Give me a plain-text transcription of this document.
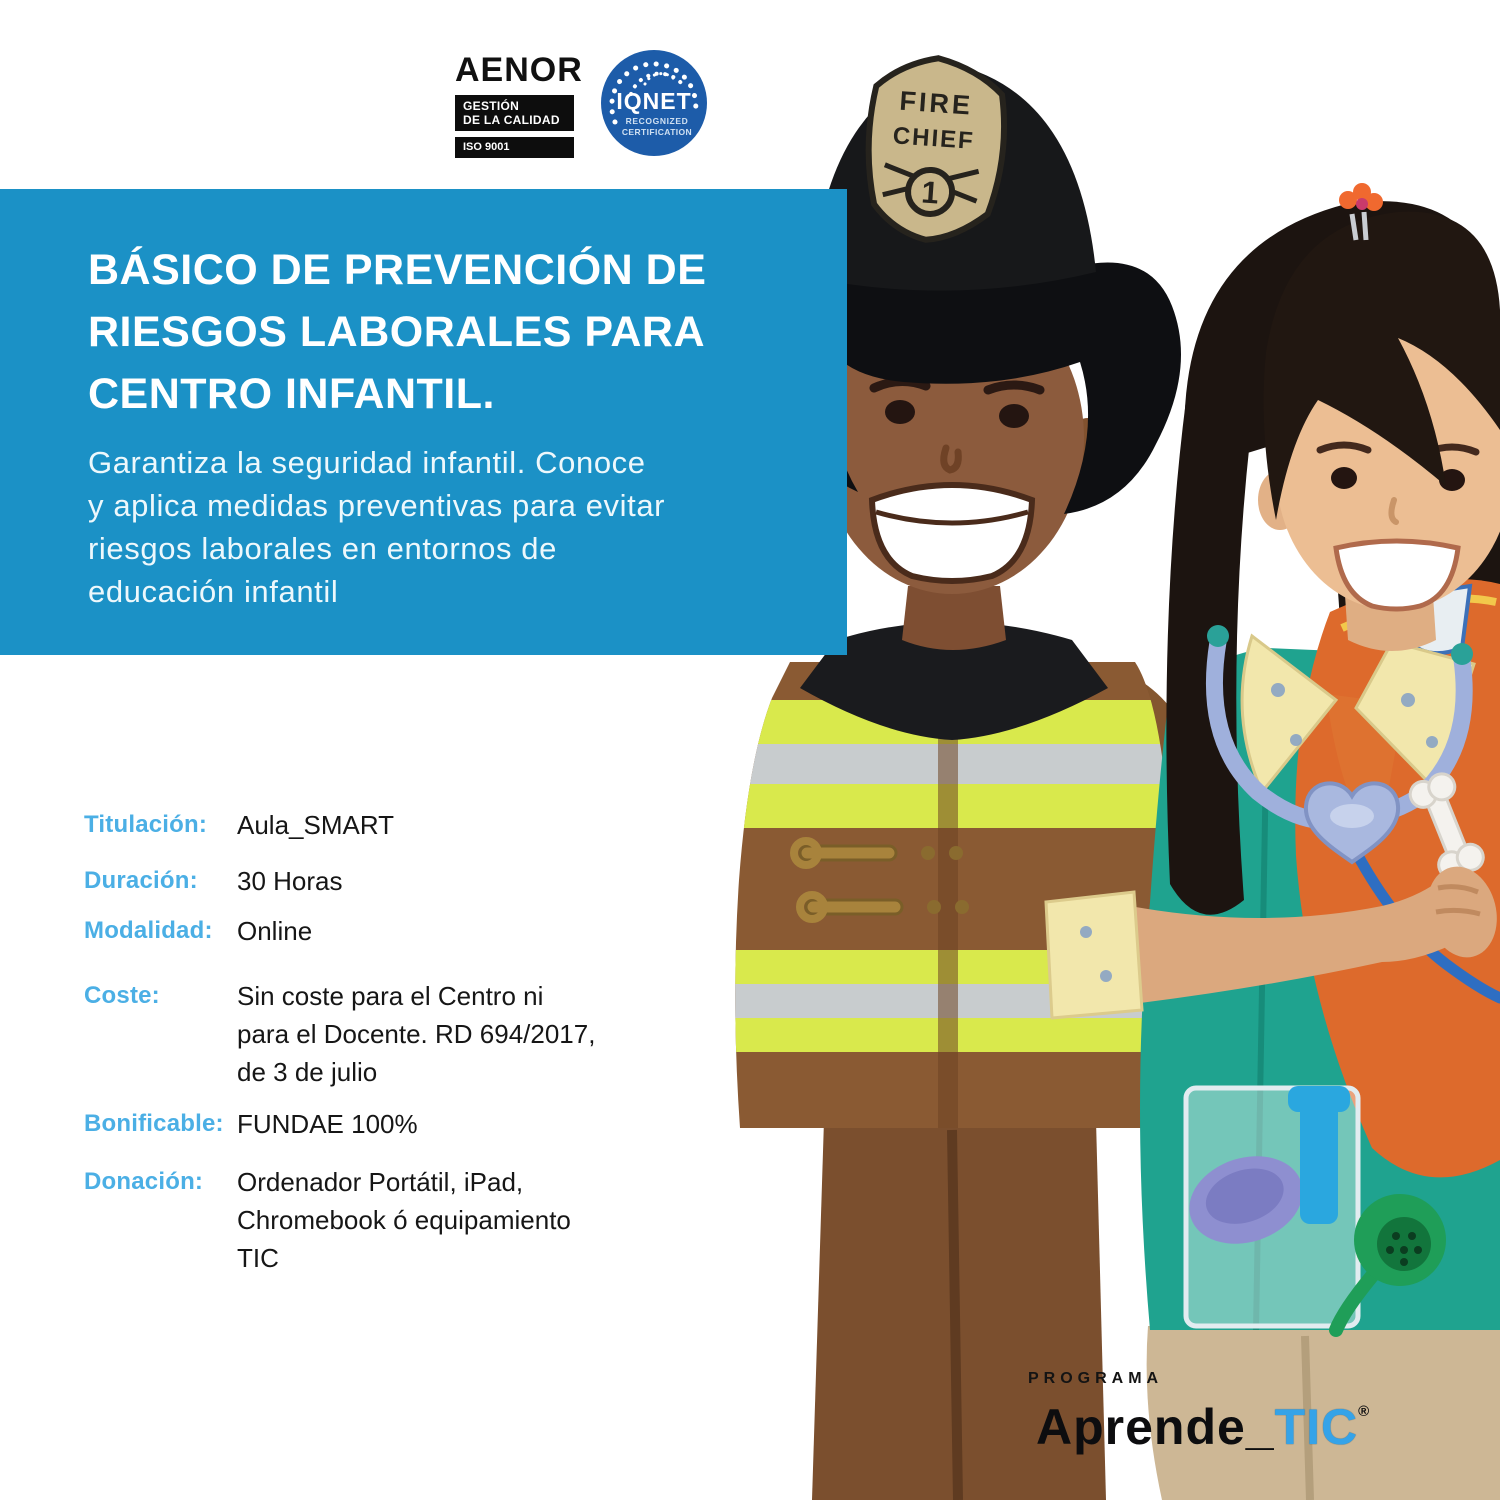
FIRE
CHIEF
1
AENOR
GESTIÓN
DE LA CALIDAD
ISO 9001
IQNET
RECOGNIZED
CERTIFICATION
BÁSICO DE PREVENCIÓN DE
RIESGOS LABORALES PARA
CENTRO INFANTIL.
Garantiza la seguridad infantil. Conoce
y aplica medidas preventivas para evitar
riesgos laborales en entornos de
educación infantil
Titulación:	Aula_SMART
Duración:	30 Horas
Modalidad: Online
Coste:	Sin coste para el Centro ni
para el Docente. RD 694/2017,
de 3 de julio
Bonificable: FUNDAE 100%
Donación:	Ordenador Portátil, iPad,
Chromebook ó equipamiento
TIC
PROGRAMA
Aprende_TIC®
